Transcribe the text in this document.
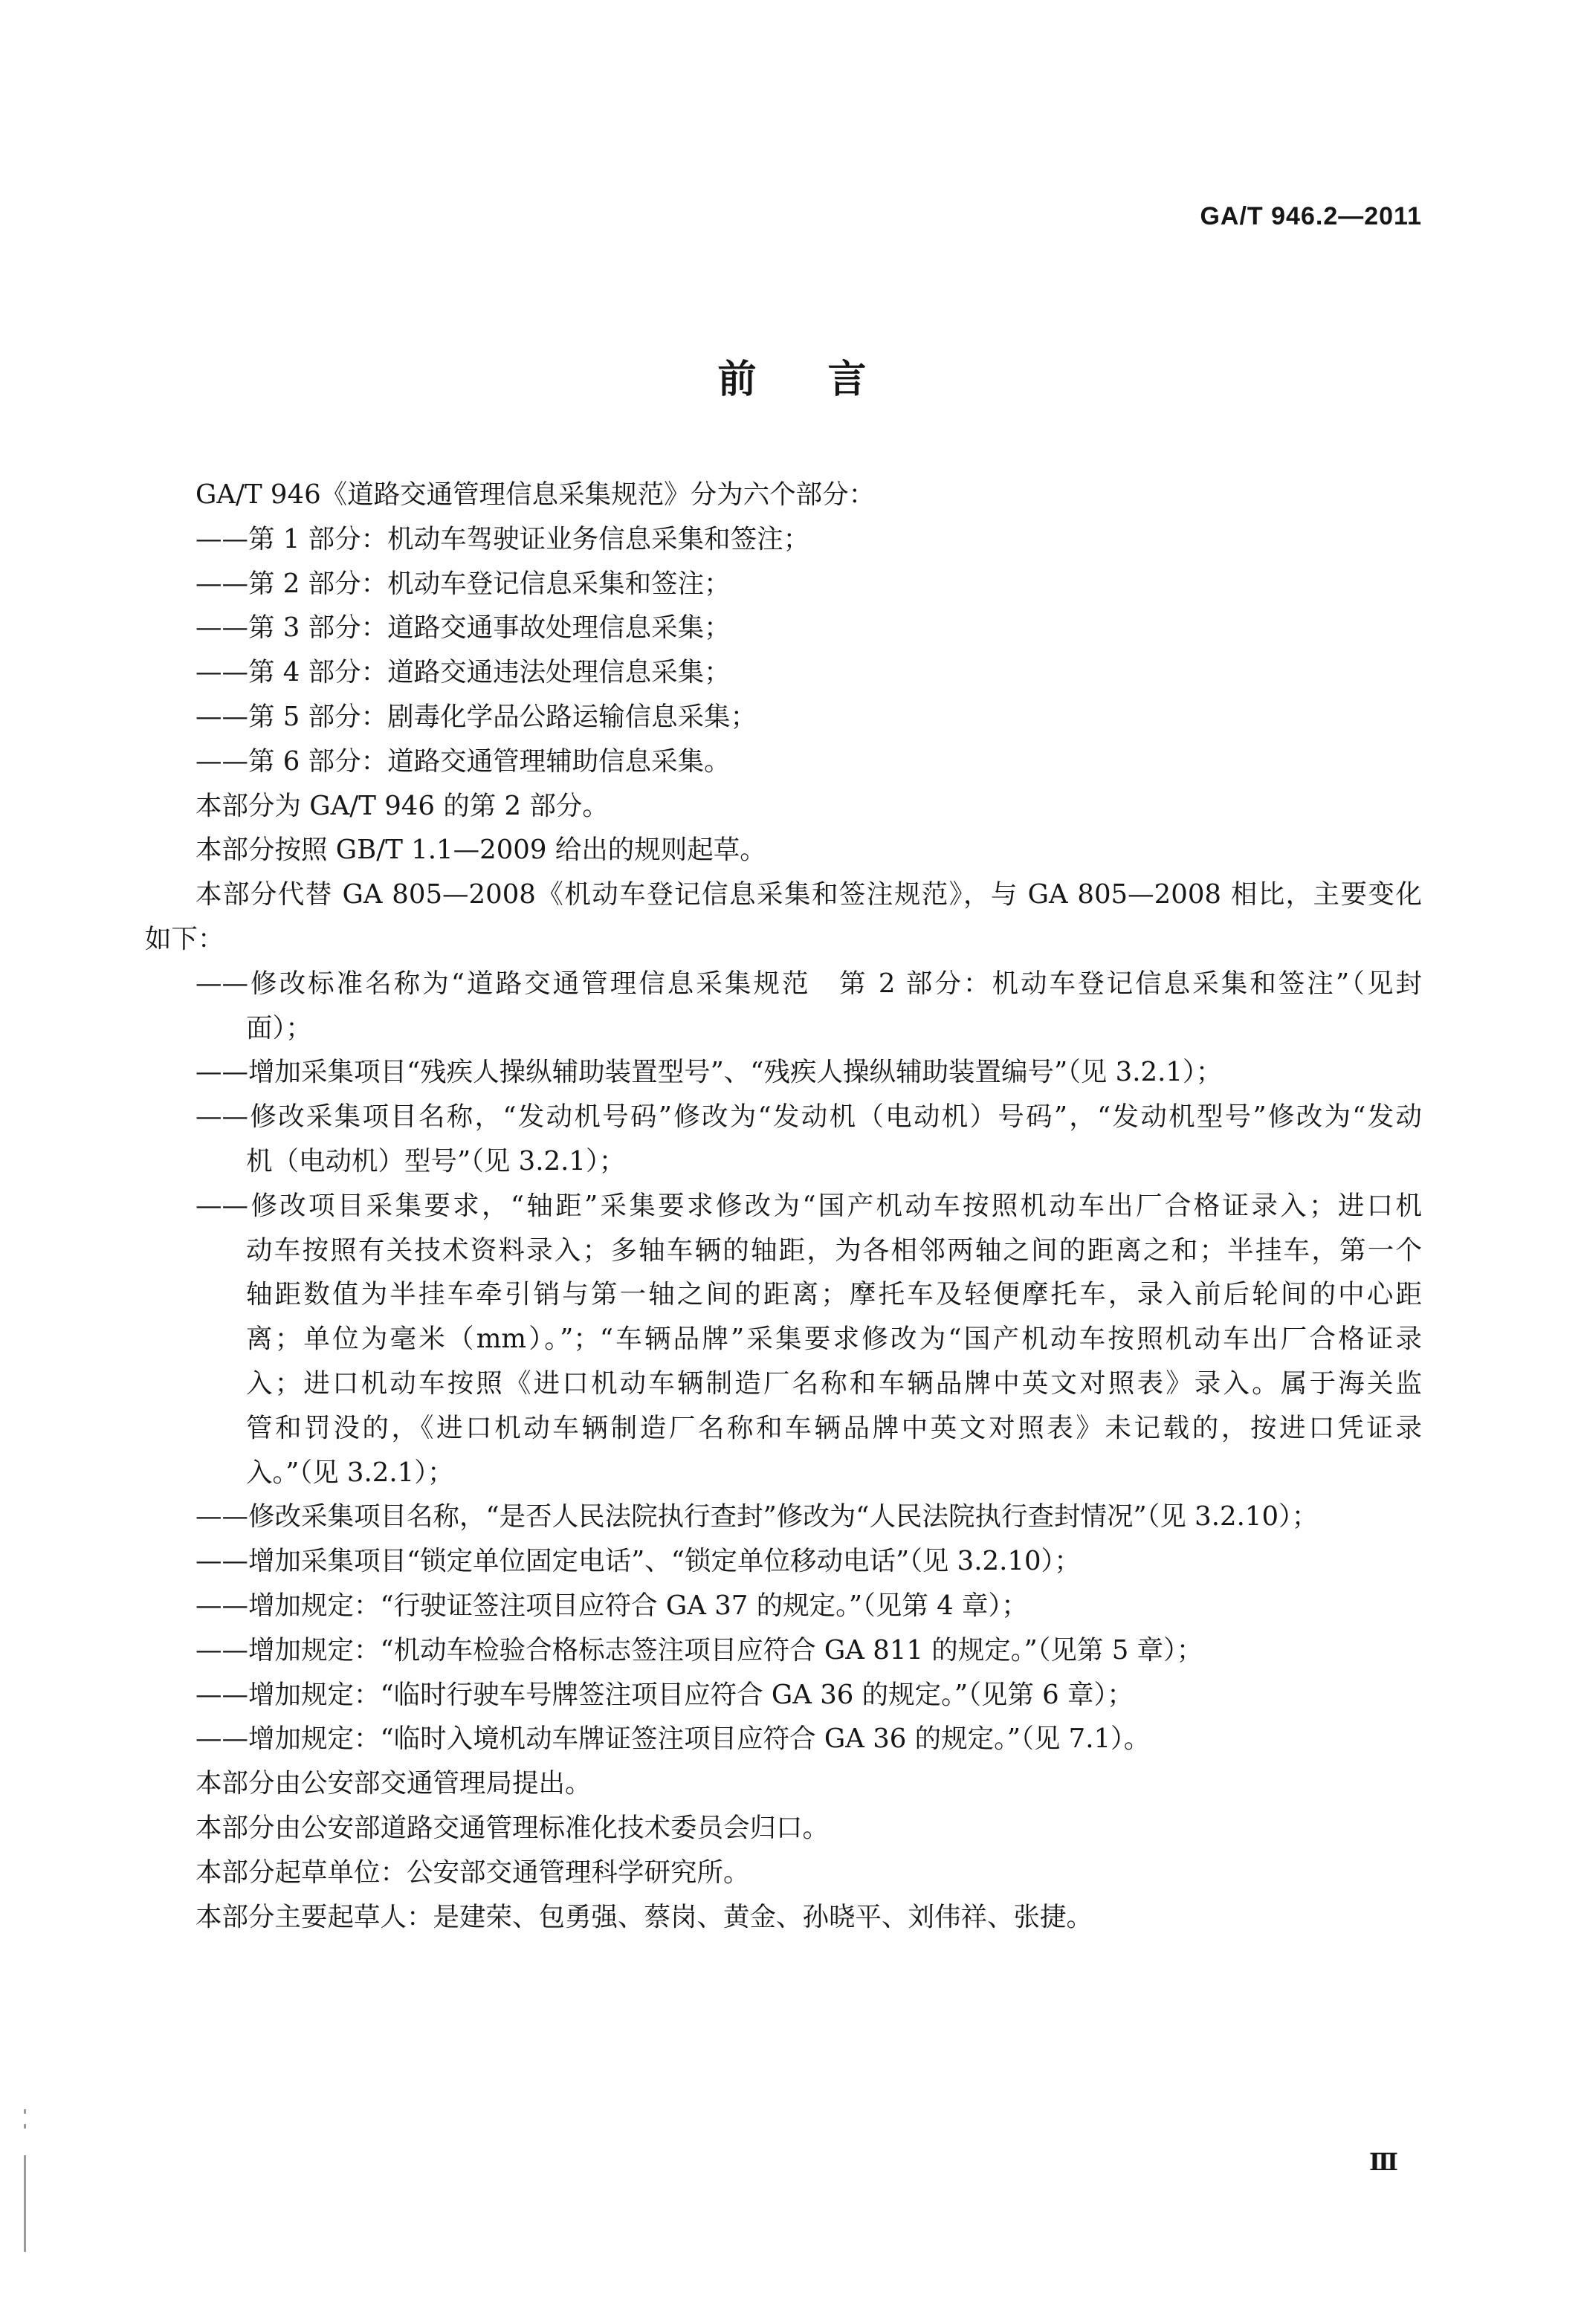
GA/T 946.2—2011
前 言
GA/T 946《道路交通管理信息采集规范》分为六个部分：
——第 1 部分：机动车驾驶证业务信息采集和签注；
——第 2 部分：机动车登记信息采集和签注；
——第 3 部分：道路交通事故处理信息采集；
——第 4 部分：道路交通违法处理信息采集；
——第 5 部分：剧毒化学品公路运输信息采集；
——第 6 部分：道路交通管理辅助信息采集。
本部分为 GA/T 946 的第 2 部分。
本部分按照 GB/T 1.1—2009 给出的规则起草。
本部分代替 GA 805—2008《机动车登记信息采集和签注规范》，与 GA 805—2008 相比，主要变化
如下：
——修改标准名称为“道路交通管理信息采集规范　第 2 部分：机动车登记信息采集和签注”（见封
面）；
——增加采集项目“残疾人操纵辅助装置型号”、“残疾人操纵辅助装置编号”（见 3.2.1）；
——修改采集项目名称，“发动机号码”修改为“发动机（电动机）号码”，“发动机型号”修改为“发动
机（电动机）型号”（见 3.2.1）；
——修改项目采集要求，“轴距”采集要求修改为“国产机动车按照机动车出厂合格证录入；进口机
动车按照有关技术资料录入；多轴车辆的轴距，为各相邻两轴之间的距离之和；半挂车，第一个
轴距数值为半挂车牵引销与第一轴之间的距离；摩托车及轻便摩托车，录入前后轮间的中心距
离；单位为毫米（mm）。”；“车辆品牌”采集要求修改为“国产机动车按照机动车出厂合格证录
入；进口机动车按照《进口机动车辆制造厂名称和车辆品牌中英文对照表》录入。属于海关监
管和罚没的，《进口机动车辆制造厂名称和车辆品牌中英文对照表》未记载的，按进口凭证录
入。”（见 3.2.1）；
——修改采集项目名称，“是否人民法院执行查封”修改为“人民法院执行查封情况”（见 3.2.10）；
——增加采集项目“锁定单位固定电话”、“锁定单位移动电话”（见 3.2.10）；
——增加规定：“行驶证签注项目应符合 GA 37 的规定。”（见第 4 章）；
——增加规定：“机动车检验合格标志签注项目应符合 GA 811 的规定。”（见第 5 章）；
——增加规定：“临时行驶车号牌签注项目应符合 GA 36 的规定。”（见第 6 章）；
——增加规定：“临时入境机动车牌证签注项目应符合 GA 36 的规定。”（见 7.1）。
本部分由公安部交通管理局提出。
本部分由公安部道路交通管理标准化技术委员会归口。
本部分起草单位：公安部交通管理科学研究所。
本部分主要起草人：是建荣、包勇强、蔡岗、黄金、孙晓平、刘伟祥、张捷。
Ⅲ
